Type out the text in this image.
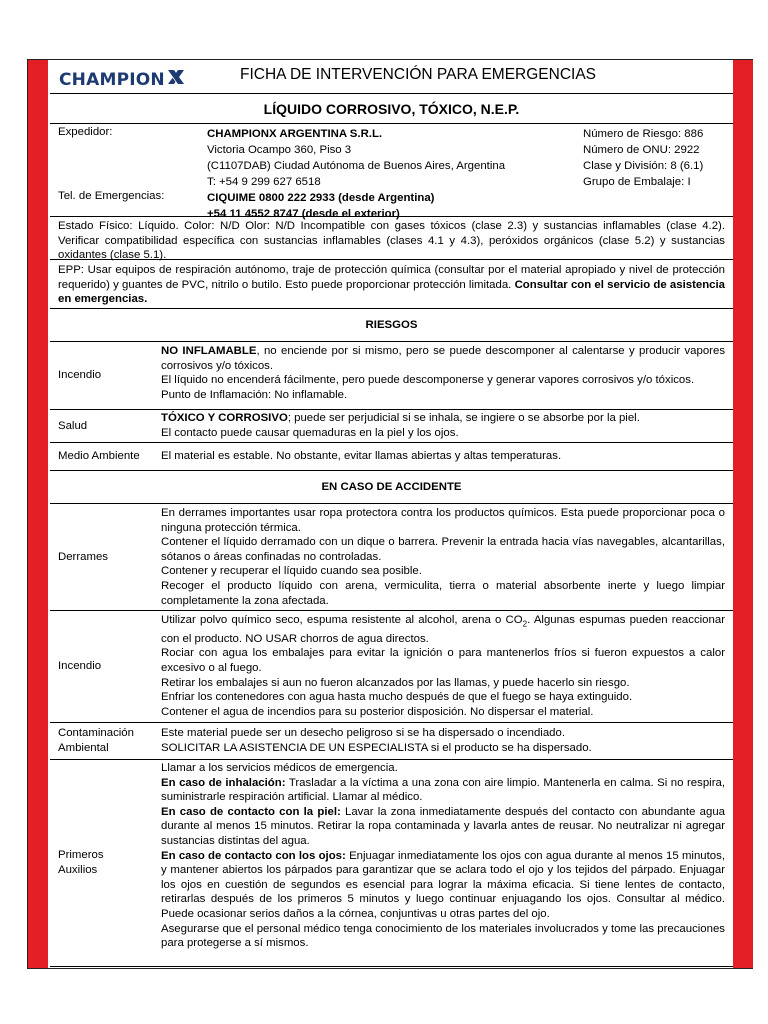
CHAMPION	FICHA DE INTERVENCIÓN PARA EMERGENCIAS
LÍQUIDO CORROSIVO, TÓXICO, N.E.P.
Expedidor:
Tel. de Emergencias:
CHAMPIONX ARGENTINA S.R.L.
Victoria Ocampo 360, Piso 3
(C1107DAB) Ciudad Autónoma de Buenos Aires, Argentina
T: +54 9 299 627 6518
CIQUIME 0800 222 2933 (desde Argentina)
+54 11 4552 8747 (desde el exterior)
Número de Riesgo: 886
Número de ONU: 2922
Clase y División: 8 (6.1)
Grupo de Embalaje: I
Estado Físico: Líquido. Color: N/D Olor: N/D Incompatible con gases tóxicos (clase 2.3) y sustancias inflamables (clase 4.2). Verificar compatibilidad específica con sustancias inflamables (clases 4.1 y 4.3), peróxidos orgánicos (clase 5.2) y sustancias oxidantes (clase 5.1).
EPP: Usar equipos de respiración autónomo, traje de protección química (consultar por el material apropiado y nivel de protección requerido) y guantes de PVC, nitrilo o butilo. Esto puede proporcionar protección limitada. Consultar con el servicio de asistencia en emergencias.
RIESGOS
Incendio

NO INFLAMABLE, no enciende por si mismo, pero se puede descomponer al calentarse y producir vapores corrosivos y/o tóxicos.

El líquido no encenderá fácilmente, pero puede descomponerse y generar vapores corrosivos y/o tóxicos.

Punto de Inflamación: No inflamable.

Salud

TÓXICO Y CORROSIVO; puede ser perjudicial si se inhala, se ingiere o se absorbe por la piel.

El contacto puede causar quemaduras en la piel y los ojos.

Medio Ambiente	El material es estable. No obstante, evitar llamas abiertas y altas temperaturas.
EN CASO DE ACCIDENTE
Derrames

En derrames importantes usar ropa protectora contra los productos químicos. Esta puede proporcionar poca o ninguna protección térmica.

Contener el líquido derramado con un dique o barrera. Prevenir la entrada hacia vías navegables, alcantarillas, sótanos o áreas confinadas no controladas.

Contener y recuperar el líquido cuando sea posible.

Recoger el producto líquido con arena, vermiculita, tierra o material absorbente inerte y luego limpiar completamente la zona afectada.

Incendio

Utilizar polvo químico seco, espuma resistente al alcohol, arena o $CO_2$. Algunas espumas pueden reaccionar con el producto. NO USAR chorros de agua directos.

Rociar con agua los embalajes para evitar la ignición o para mantenerlos fríos si fueron expuestos a calor excesivo o al fuego.

Retirar los embalajes si aun no fueron alcanzados por las llamas, y puede hacerlo sin riesgo.

Enfriar los contenedores con agua hasta mucho después de que el fuego se haya extinguido.

Contener el agua de incendios para su posterior disposición. No dispersar el material.

Contaminación
Ambiental

Este material puede ser un desecho peligroso si se ha dispersado o incendiado.

SOLICITAR LA ASISTENCIA DE UN ESPECIALISTA si el producto se ha dispersado.

Primeros
Auxilios

Llamar a los servicios médicos de emergencia.

En caso de inhalación: Trasladar a la víctima a una zona con aire limpio. Mantenerla en calma. Si no respira, suministrarle respiración artificial. Llamar al médico.

En caso de contacto con la piel: Lavar la zona inmediatamente después del contacto con abundante agua durante al menos 15 minutos. Retirar la ropa contaminada y lavarla antes de reusar. No neutralizar ni agregar sustancias distintas del agua.

En caso de contacto con los ojos: Enjuagar inmediatamente los ojos con agua durante al menos 15 minutos, y mantener abiertos los párpados para garantizar que se aclara todo el ojo y los tejidos del párpado. Enjuagar los ojos en cuestión de segundos es esencial para lograr la máxima eficacia. Si tiene lentes de contacto, retirarlas después de los primeros 5 minutos y luego continuar enjuagando los ojos. Consultar al médico. Puede ocasionar serios daños a la córnea, conjuntivas u otras partes del ojo.

Asegurarse que el personal médico tenga conocimiento de los materiales involucrados y tome las precauciones para protegerse a sí mismos.
